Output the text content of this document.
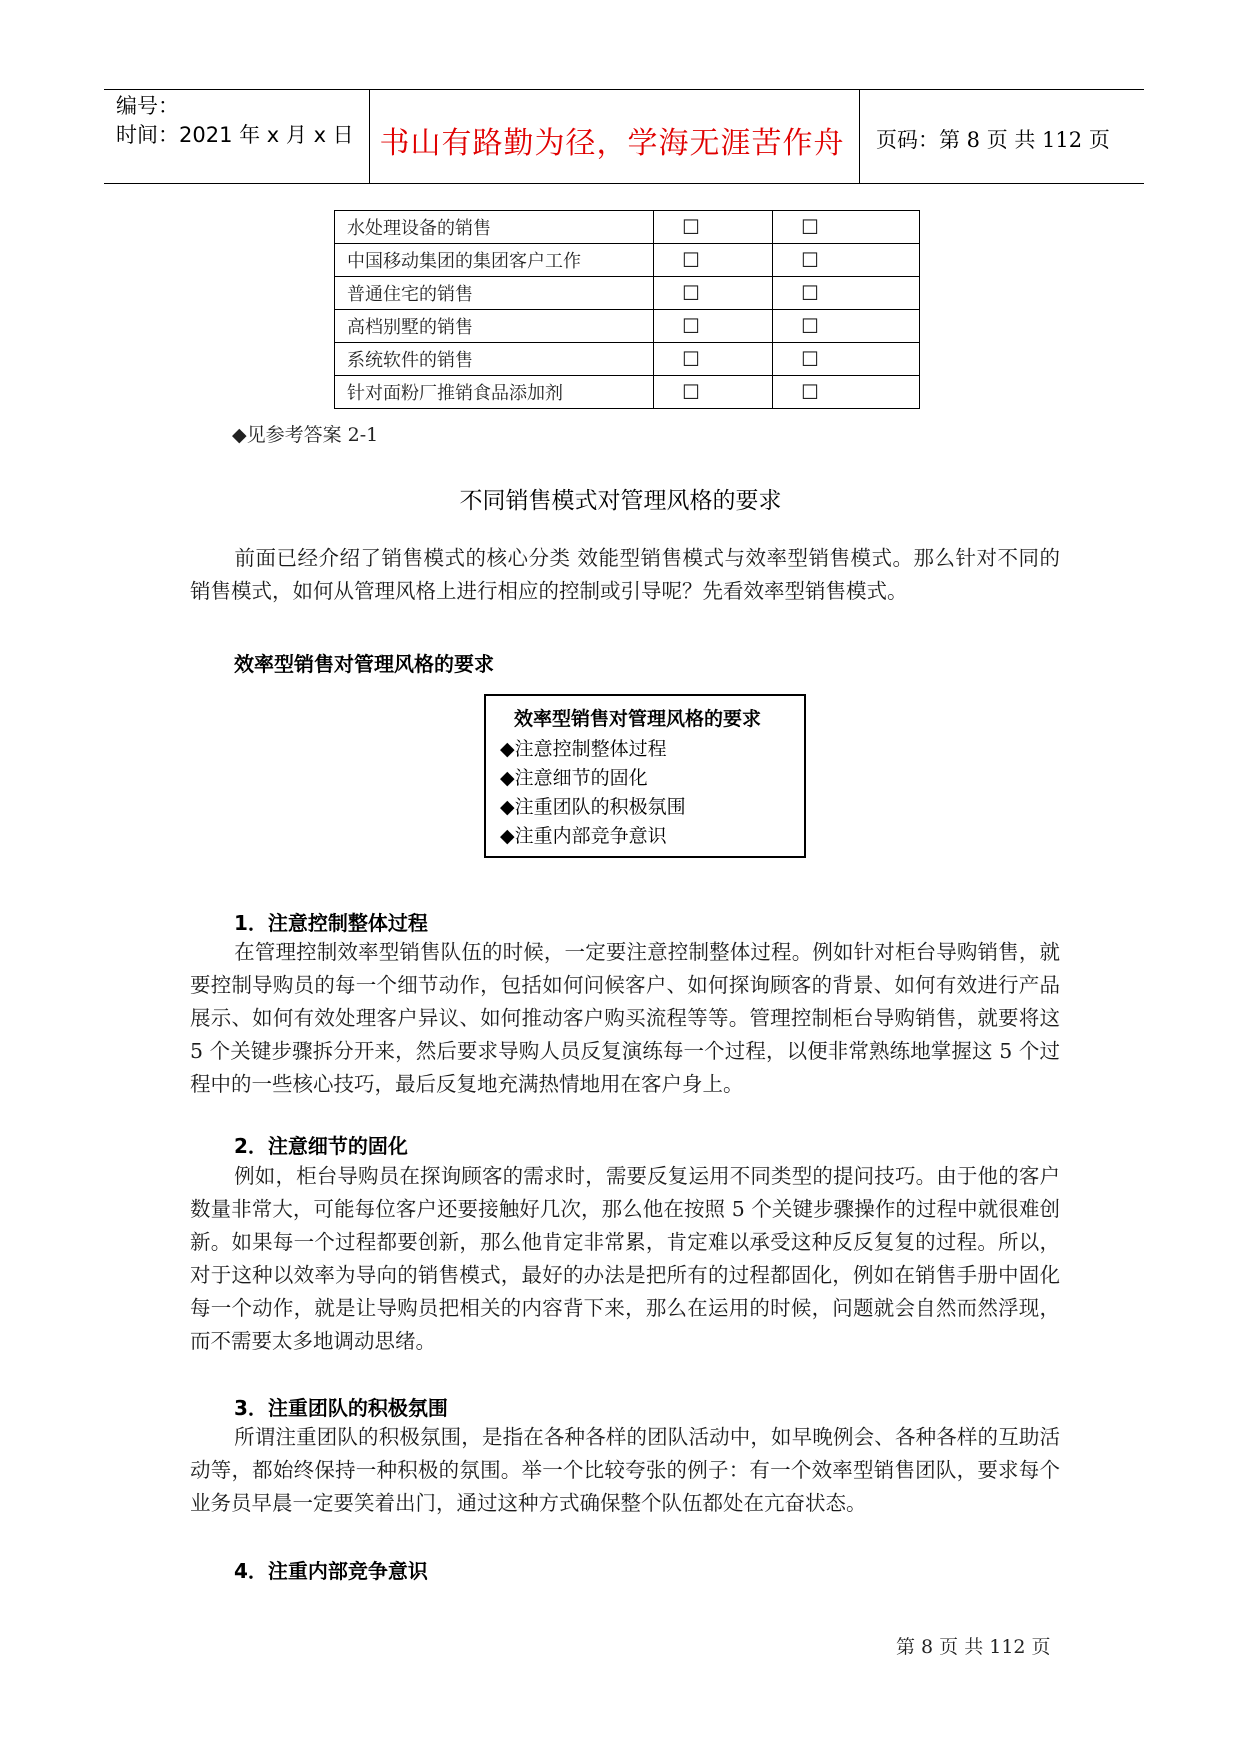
编号：
时间：2021 年 x 月 x 日 书山有路勤为径，学海无涯苦作舟	页码：第 8 页 共 112 页
水处理设备的销售	☐	☐
中国移动集团的集团客户工作	☐	☐
普通住宅的销售	☐	☐
高档别墅的销售	☐	☐
系统软件的销售	☐	☐
针对面粉厂推销食品添加剂	☐	☐
◆见参考答案 2-1
不同销售模式对管理风格的要求
前面已经介绍了销售模式的核心分类 效能型销售模式与效率型销售模式。那么针对不同的销售模式，如何从管理风格上进行相应的控制或引导呢？先看效率型销售模式。
效率型销售对管理风格的要求
效率型销售对管理风格的要求
◆注意控制整体过程
◆注意细节的固化
◆注重团队的积极氛围
◆注重内部竞争意识
1．注意控制整体过程
在管理控制效率型销售队伍的时候，一定要注意控制整体过程。例如针对柜台导购销售，就要控制导购员的每一个细节动作，包括如何问候客户、如何探询顾客的背景、如何有效进行产品展示、如何有效处理客户异议、如何推动客户购买流程等等。管理控制柜台导购销售，就要将这 5 个关键步骤拆分开来，然后要求导购人员反复演练每一个过程，以便非常熟练地掌握这 5 个过程中的一些核心技巧，最后反复地充满热情地用在客户身上。
2．注意细节的固化
例如，柜台导购员在探询顾客的需求时，需要反复运用不同类型的提问技巧。由于他的客户数量非常大，可能每位客户还要接触好几次，那么他在按照 5 个关键步骤操作的过程中就很难创新。如果每一个过程都要创新，那么他肯定非常累，肯定难以承受这种反反复复的过程。所以，对于这种以效率为导向的销售模式，最好的办法是把所有的过程都固化，例如在销售手册中固化每一个动作，就是让导购员把相关的内容背下来，那么在运用的时候，问题就会自然而然浮现，而不需要太多地调动思绪。
3．注重团队的积极氛围
所谓注重团队的积极氛围，是指在各种各样的团队活动中，如早晚例会、各种各样的互助活动等，都始终保持一种积极的氛围。举一个比较夸张的例子：有一个效率型销售团队，要求每个业务员早晨一定要笑着出门，通过这种方式确保整个队伍都处在亢奋状态。
4．注重内部竞争意识
第 8 页 共 112 页
